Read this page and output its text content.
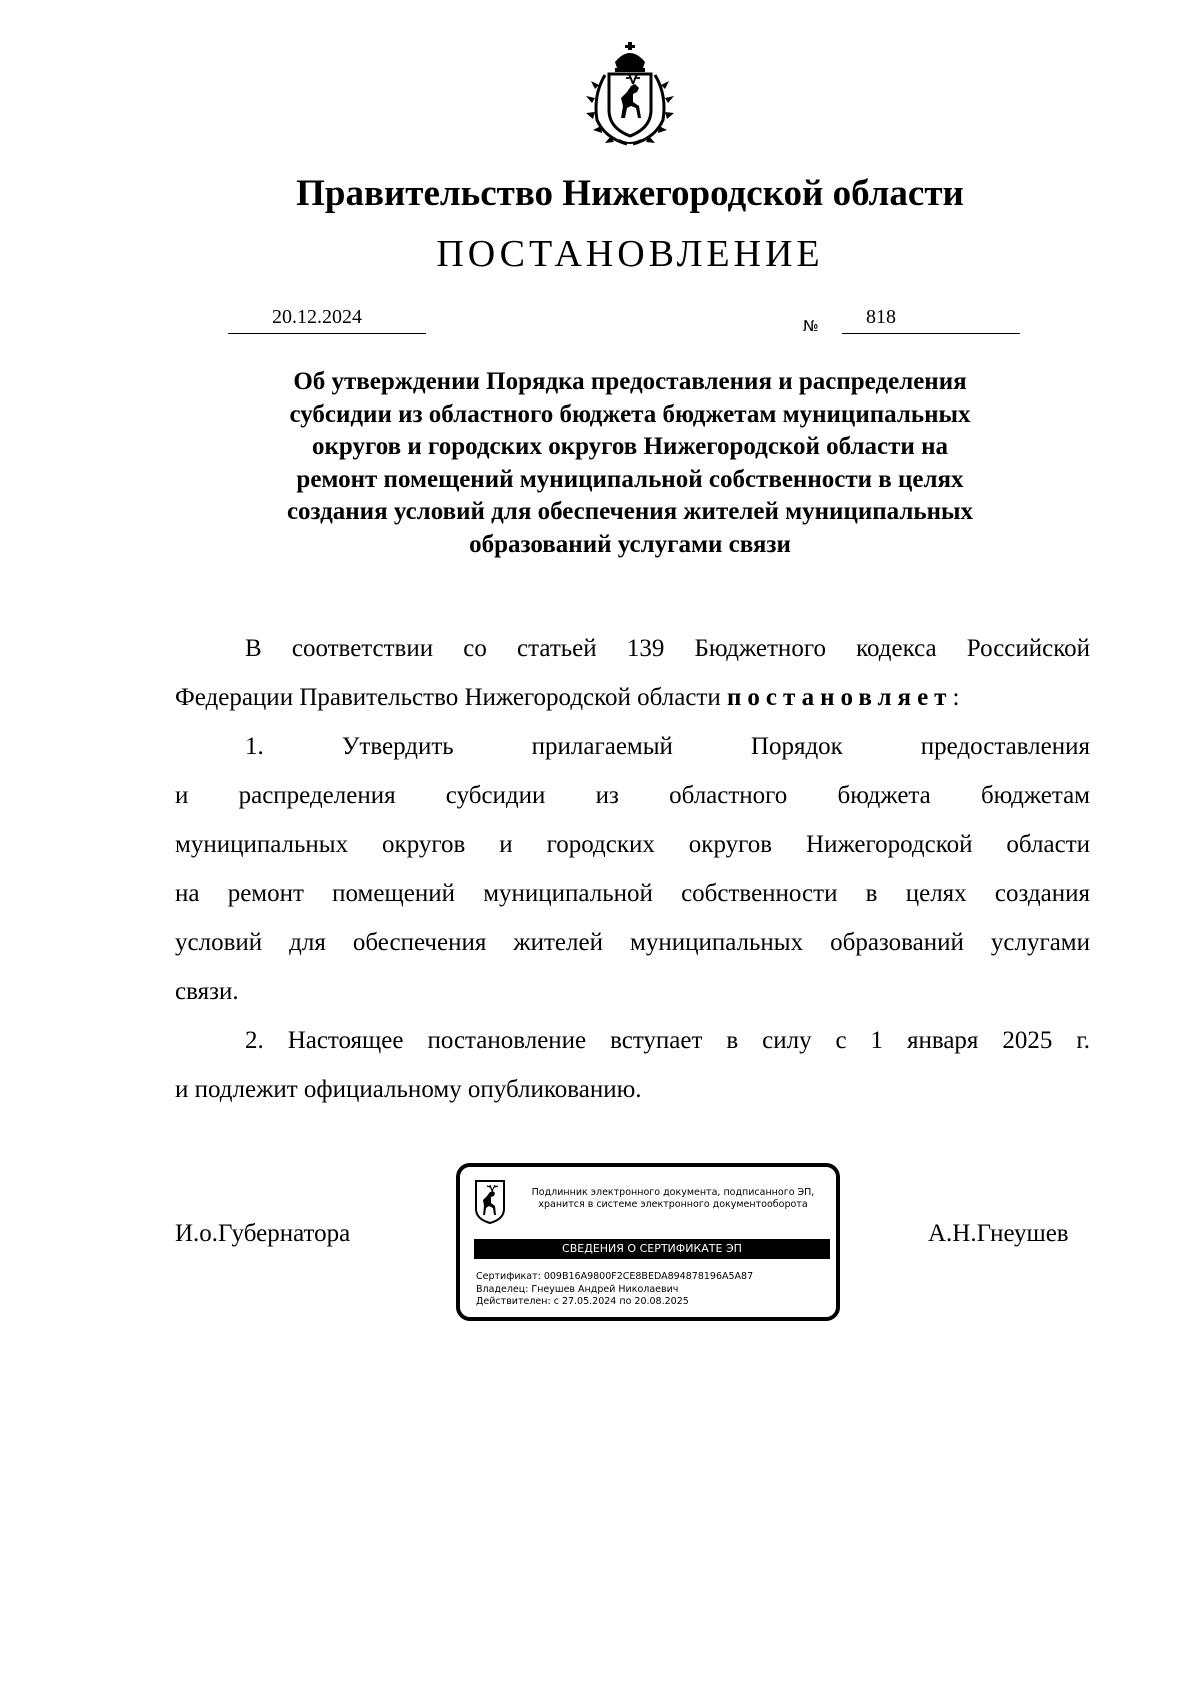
Правительство Нижегородской области
ПОСТАНОВЛЕНИЕ
20.12.2024	№ 818
Об утверждении Порядка предоставления и распределения
субсидии из областного бюджета бюджетам муниципальных
округов и городских округов Нижегородской области на
ремонт помещений муниципальной собственности в целях
создания условий для обеспечения жителей муниципальных
образований услугами связи
В соответствии со статьей 139 Бюджетного кодекса Российской
Федерации Правительство Нижегородской области постановляет:
1. Утвердить прилагаемый Порядок предоставления
и распределения субсидии из областного бюджета бюджетам
муниципальных округов и городских округов Нижегородской области
на ремонт помещений муниципальной собственности в целях создания
условий для обеспечения жителей муниципальных образований услугами
связи.
2. Настоящее постановление вступает в силу с 1 января 2025 г.
и подлежит официальному опубликованию.
И.о.Губернатора	А.Н.Гнеушев
Подлинник электронного документа, подписанного ЭП,
хранится в системе электронного документооборота
СВЕДЕНИЯ О СЕРТИФИКАТЕ ЭП
Сертификат: 009B16A9800F2CE8BEDA894878196A5A87
Владелец: Гнеушев Андрей Николаевич
Действителен: с 27.05.2024 по 20.08.2025
